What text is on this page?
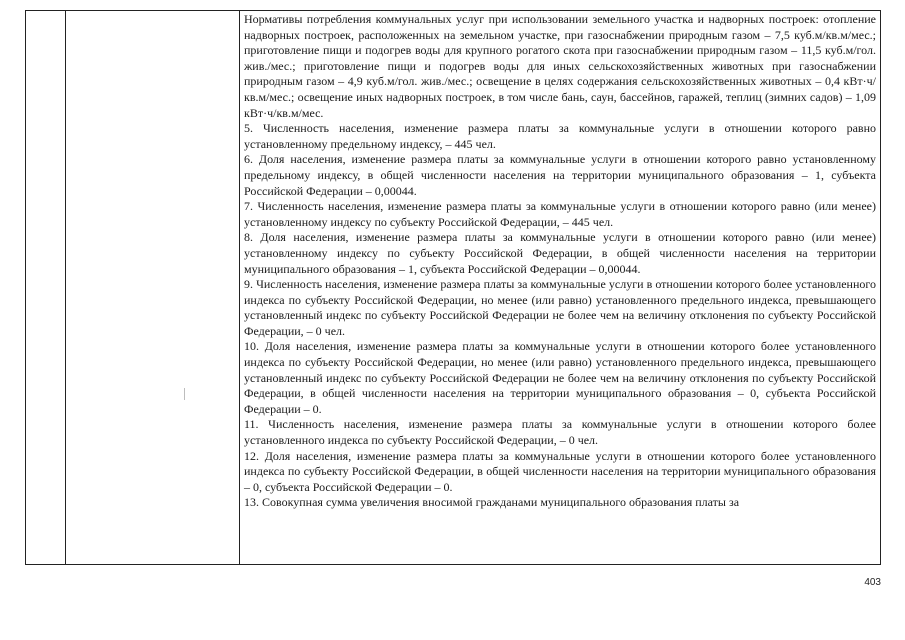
Нормативы потребления коммунальных услуг при использовании земельного участка и надворных построек: отопление надворных построек, расположенных на земельном участке, при газоснабжении природным газом – 7,5 куб.м/кв.м/мес.; приготовление пищи и подогрев воды для крупного рогатого скота при газоснабжении природным газом – 11,5 куб.м/гол. жив./мес.; приготовление пищи и подогрев воды для иных сельскохозяйственных животных при газоснабжении природным газом – 4,9 куб.м/гол. жив./мес.; освещение в целях содержания сельскохозяйственных животных – 0,4 кВт·ч/кв.м/мес.; освещение иных надворных построек, в том числе бань, саун, бассейнов, гаражей, теплиц (зимних садов) – 1,09 кВт·ч/кв.м/мес.

5. Численность населения, изменение размера платы за коммунальные услуги в отношении которого равно установленному предельному индексу, – 445 чел.

6. Доля населения, изменение размера платы за коммунальные услуги в отношении которого равно установленному предельному индексу, в общей численности населения на территории муниципального образования – 1, субъекта Российской Федерации – 0,00044.

7. Численность населения, изменение размера платы за коммунальные услуги в отношении которого равно (или менее) установленному индексу по субъекту Российской Федерации, – 445 чел.

8. Доля населения, изменение размера платы за коммунальные услуги в отношении которого равно (или менее) установленному индексу по субъекту Российской Федерации, в общей численности населения на территории муниципального образования – 1, субъекта Российской Федерации – 0,00044.

9. Численность населения, изменение размера платы за коммунальные услуги в отношении которого более установленного индекса по субъекту Российской Федерации, но менее (или равно) установленного предельного индекса, превышающего установленный индекс по субъекту Российской Федерации не более чем на величину отклонения по субъекту Российской Федерации, – 0 чел.

10. Доля населения, изменение размера платы за коммунальные услуги в отношении которого более установленного индекса по субъекту Российской Федерации, но менее (или равно) установленного предельного индекса, превышающего установленный индекс по субъекту Российской Федерации не более чем на величину отклонения по субъекту Российской Федерации, в общей численности населения на территории муниципального образования – 0, субъекта Российской Федерации – 0.

11. Численность населения, изменение размера платы за коммунальные услуги в отношении которого более установленного индекса по субъекту Российской Федерации, – 0 чел.

12. Доля населения, изменение размера платы за коммунальные услуги в отношении которого более установленного индекса по субъекту Российской Федерации, в общей численности населения на территории муниципального образования – 0, субъекта Российской Федерации – 0.

13. Совокупная сумма увеличения вносимой гражданами муниципального образования платы за

403
